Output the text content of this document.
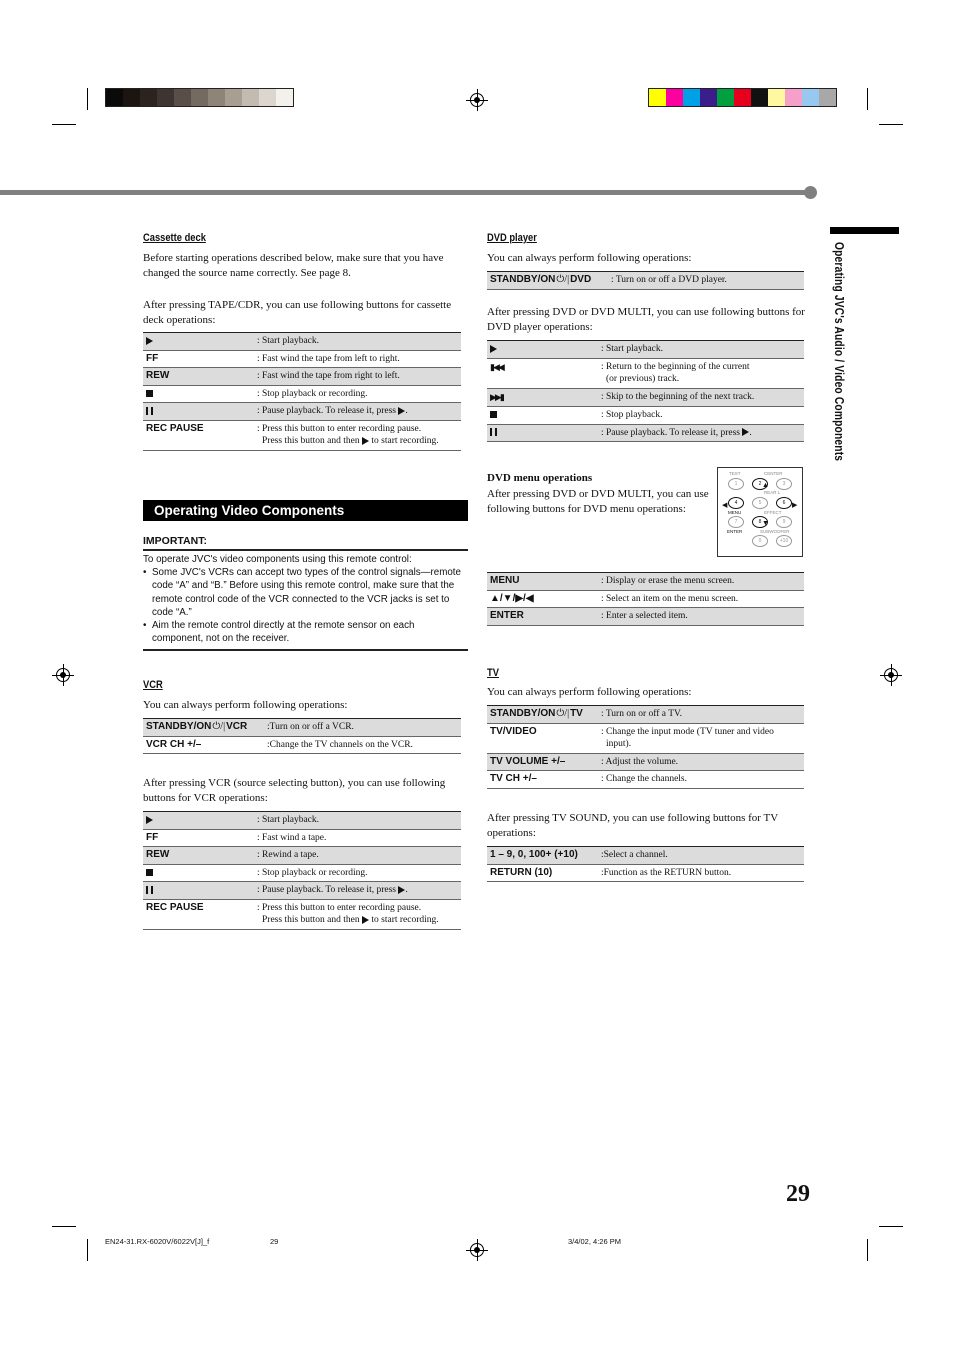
Operating JVC's Audio / Video Components
Cassette deck
Before starting operations described below, make sure that you have changed the source name correctly. See page 8.
After pressing TAPE/CDR, you can use following buttons for cassette deck operations:
	: Start playback.
FF	: Fast wind the tape from left to right.
REW	: Fast wind the tape from right to left.
	: Stop playback or recording.
	: Pause playback. To release it, press .
REC PAUSE	: Press this button to enter recording pause.
Press this button and then to start recording.
Operating Video Components
IMPORTANT:
To operate JVC's video components using this remote control:
• Some JVC's VCRs can accept two types of the control signals—remote code “A” and “B.” Before using this remote control, make sure that the remote control code of the VCR connected to the VCR jacks is set to code “A.”
• Aim the remote control directly at the remote sensor on each component, not on the receiver.
VCR
You can always perform following operations:
STANDBY/ON⏻/|VCR	:Turn on or off a VCR.
VCR CH +/–	:Change the TV channels on the VCR.
After pressing VCR (source selecting button), you can use following buttons for VCR operations:
	: Start playback.
FF	: Fast wind a tape.
REW	: Rewind a tape.
	: Stop playback or recording.
	: Pause playback. To release it, press .
REC PAUSE	: Press this button to enter recording pause.
Press this button and then to start recording.
DVD player
You can always perform following operations:
STANDBY/ON⏻/|DVD	: Turn on or off a DVD player.
After pressing DVD or DVD MULTI, you can use following buttons for DVD player operations:
	: Start playback.
▮◀◀	: Return to the beginning of the current
(or previous) track.
▶▶▮	: Skip to the beginning of the next track.
	: Stop playback.
	: Pause playback. To release it, press .
DVD menu operations
After pressing DVD or DVD MULTI, you can use following buttons for DVD menu operations:
TEST	CENTER
REAR L
MENU	EFFECT
ENTER	SUBWOOFER
1	2	3
4	5	6
7	8	9
0	+10
▲
◀	▶
▼
MENU	: Display or erase the menu screen.
▲/▼/▶/◀	: Select an item on the menu screen.
ENTER	: Enter a selected item.
TV
You can always perform following operations:
STANDBY/ON⏻/|TV	: Turn on or off a TV.
TV/VIDEO	: Change the input mode (TV tuner and video
input).
TV VOLUME +/–	: Adjust the volume.
TV CH +/–	: Change the channels.
After pressing TV SOUND, you can use following buttons for TV operations:
1 – 9, 0, 100+ (+10)	:Select a channel.
RETURN (10)	:Function as the RETURN button.
29
EN24-31.RX-6020V/6022V[J]_f	29	3/4/02, 4:26 PM
